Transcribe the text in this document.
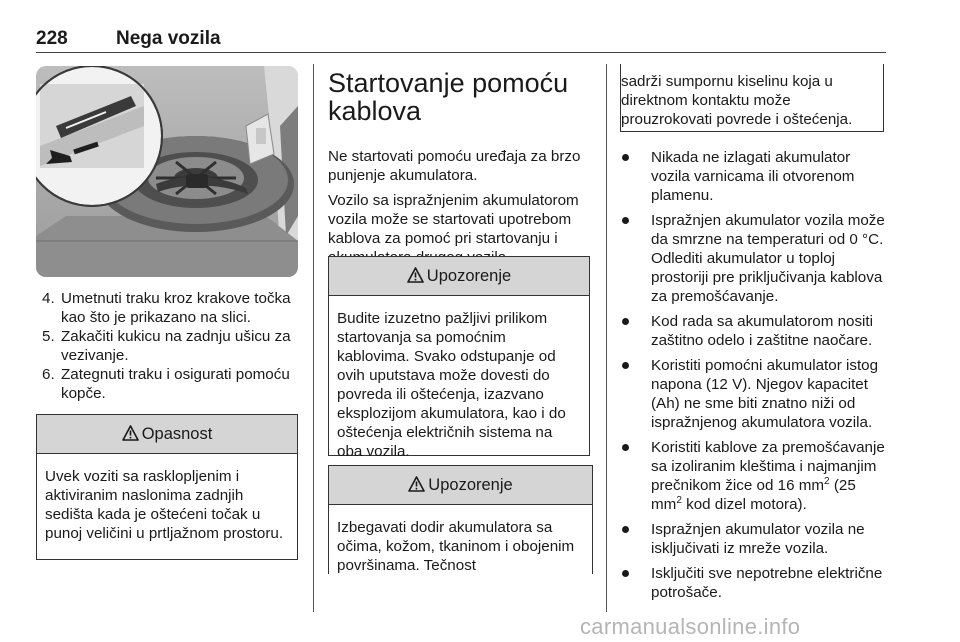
228	Nega vozila
4. Umetnuti traku kroz krakove točka kao što je prikazano na slici.
5. Zakačiti kukicu na zadnju ušicu za vezivanje.
6. Zategnuti traku i osigurati pomoću kopče.
Opasnost
Uvek voziti sa rasklopljenim i aktiviranim naslonima zadnjih sedišta kada je oštećeni točak u punoj veličini u prtljažnom prostoru.
Startovanje pomoću kablova

Ne startovati pomoću uređaja za brzo punjenje akumulatora.

Vozilo sa ispražnjenim akumulatorom vozila može se startovati upotrebom kablova za pomoć pri startovanju i

Upozorenje
Budite izuzetno pažljivi prilikom startovanja sa pomoćnim kablovima. Svako odstupanje od ovih uputstava može dovesti do povreda ili oštećenja, izazvano eksplozijom akumulatora, kao i do oštećenja električnih sistema na oba vozila.
Upozorenje
Izbegavati dodir akumulatora sa očima, kožom, tkaninom i obojenim površinama. Tečnost
sadrži sumpornu kiselinu koja u direktnom kontaktu može prouzrokovati povrede i oštećenja.
Nikada ne izlagati akumulator vozila varnicama ili otvorenom plamenu.
Ispražnjen akumulator vozila može da smrzne na temperaturi od 0 °C. Odlediti akumulator u toploj prostoriji pre priključivanja kablova za premošćavanje.
Kod rada sa akumulatorom nositi zaštitno odelo i zaštitne naočare.
Koristiti pomoćni akumulator istog napona (12 V). Njegov kapacitet (Ah) ne sme biti znatno niži od ispražnjenog akumulatora vozila.
Koristiti kablove za premošćavanje sa izoliranim kleštima i najmanjim prečnikom žice od 16 $mm^2$ (25 $mm^2$ kod dizel motora).
Ispražnjen akumulator vozila ne isključivati iz mreže vozila.
Isključiti sve nepotrebne električne potrošače.
carmanualsonline.info
